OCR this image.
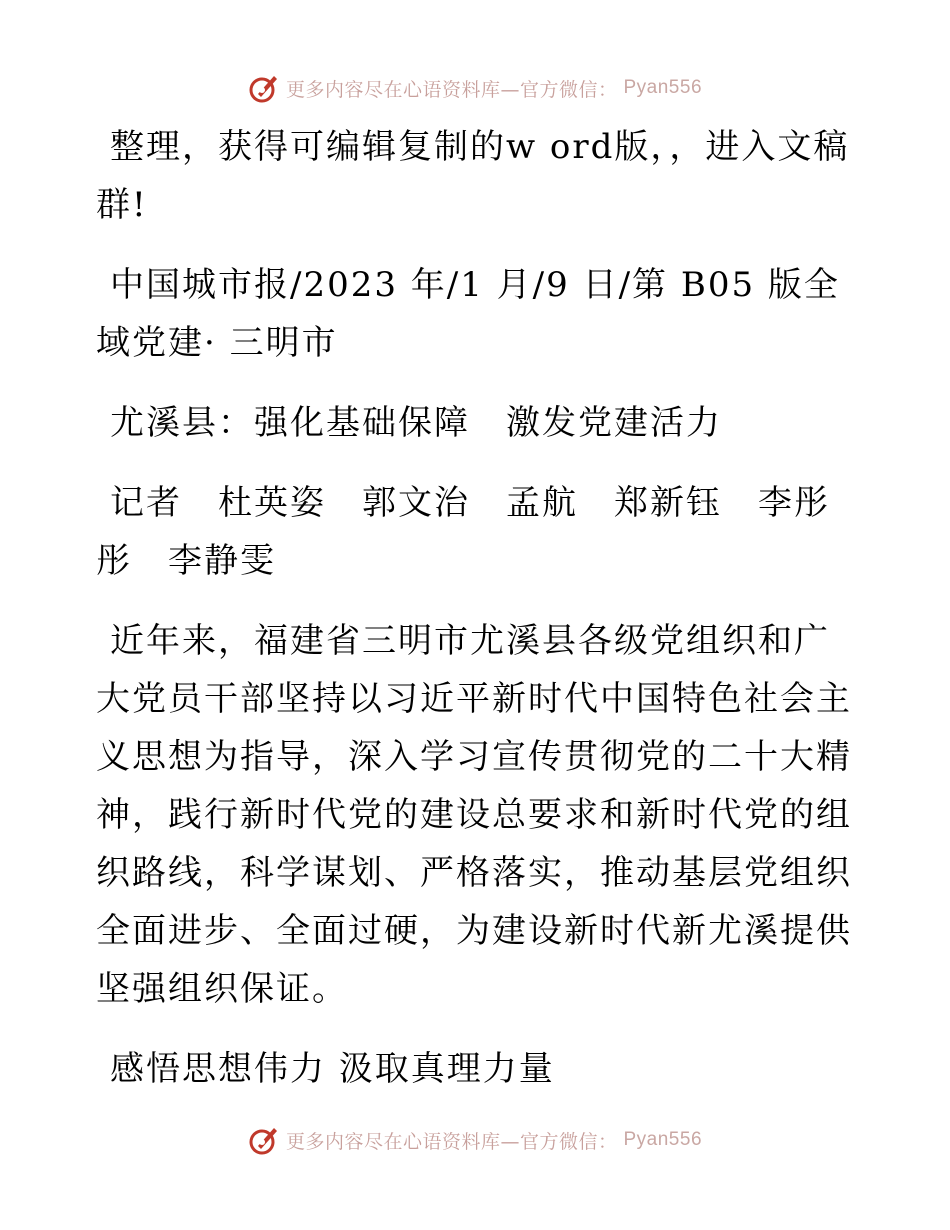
更多内容尽在心语资料库—官方微信： Pyan556

整理，获得可编辑复制的w ord版，，进入文稿群!

中国城市报/2023 年/1 月/9 日/第 B05 版全域党建· 三明市

尤溪县：强化基础保障　激发党建活力

记者　杜英姿　郭文治　孟航　郑新钰　李彤彤　李静雯

近年来，福建省三明市尤溪县各级党组织和广大党员干部坚持以习近平新时代中国特色社会主义思想为指导，深入学习宣传贯彻党的二十大精神，践行新时代党的建设总要求和新时代党的组织路线，科学谋划、严格落实，推动基层党组织全面进步、全面过硬，为建设新时代新尤溪提供坚强组织保证。

感悟思想伟力 汲取真理力量

更多内容尽在心语资料库—官方微信： Pyan556
